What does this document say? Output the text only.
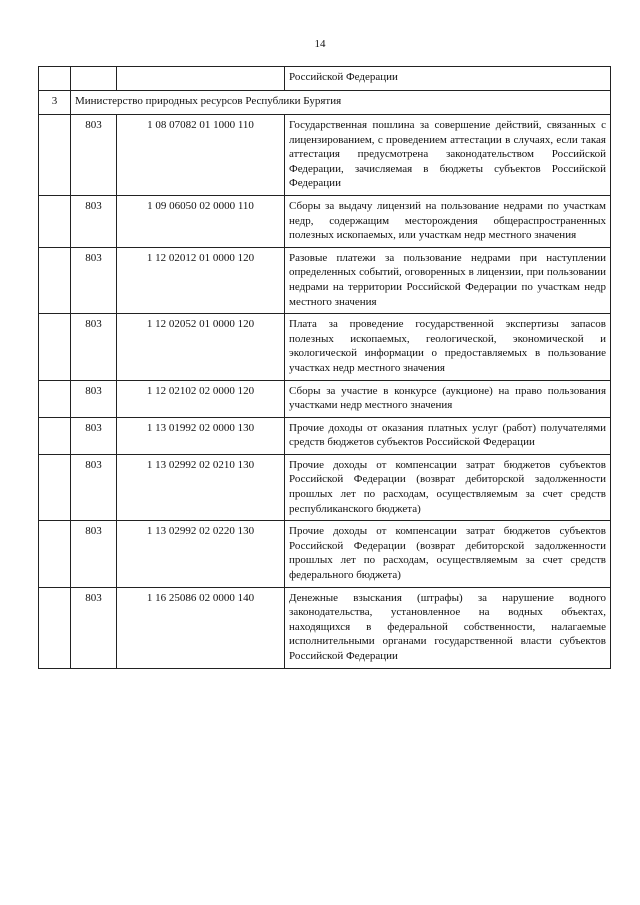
14
			Российской Федерации
3	Министерство природных ресурсов Республики Бурятия		
	803	1 08 07082 01 1000 110	Государственная пошлина за совершение действий, связанных с лицензированием, с проведением аттестации в случаях, если такая аттестация предусмотрена законодательством Российской Федерации, зачисляемая в бюджеты субъектов Российской Федерации
	803	1 09 06050 02 0000 110	Сборы за выдачу лицензий на пользование недрами по участкам недр, содержащим месторождения общераспространенных полезных ископаемых, или участкам недр местного значения
	803	1 12 02012 01 0000 120	Разовые платежи за пользование недрами при наступлении определенных событий, оговоренных в лицензии, при пользовании недрами на территории Российской Федерации по участкам недр местного значения
	803	1 12 02052 01 0000 120	Плата за проведение государственной экспертизы запасов полезных ископаемых, геологической, экономической и экологической информации о предоставляемых в пользование участках недр местного значения
	803	1 12 02102 02 0000 120	Сборы за участие в конкурсе (аукционе) на право пользования участками недр местного значения
	803	1 13 01992 02 0000 130	Прочие доходы от оказания платных услуг (работ) получателями средств бюджетов субъектов Российской Федерации
	803	1 13 02992 02 0210 130	Прочие доходы от компенсации затрат бюджетов субъектов Российской Федерации (возврат дебиторской задолженности прошлых лет по расходам, осуществляемым за счет средств республиканского бюджета)
	803	1 13 02992 02 0220 130	Прочие доходы от компенсации затрат бюджетов субъектов Российской Федерации (возврат дебиторской задолженности прошлых лет по расходам, осуществляемым за счет средств федерального бюджета)
	803	1 16 25086 02 0000 140	Денежные взыскания (штрафы) за нарушение водного законодательства, установленное на водных объектах, находящихся в федеральной собственности, налагаемые исполнительными органами государственной власти субъектов Российской Федерации
